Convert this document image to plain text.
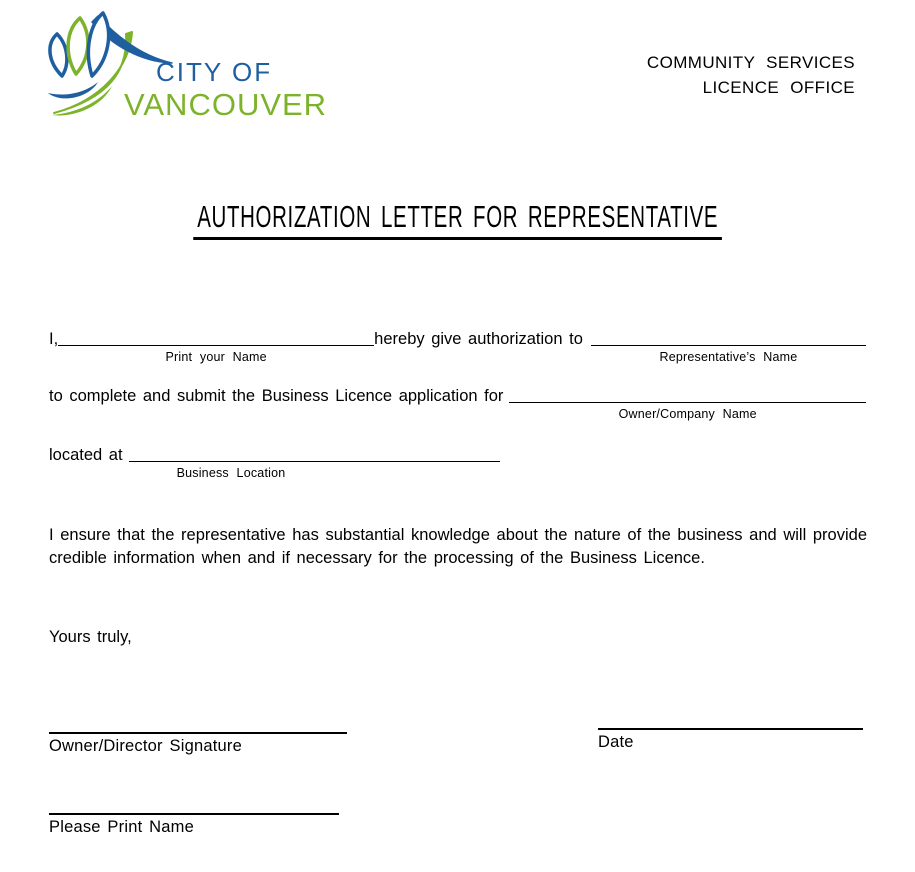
CITY OF
VANCOUVER
COMMUNITY SERVICES
LICENCE OFFICE
AUTHORIZATION LETTER FOR REPRESENTATIVE
I,
Print your Name
hereby give authorization to
Representative’s Name
to complete and submit the Business Licence application for
Owner/Company Name
located at
Business Location
I ensure that the representative has substantial knowledge about the nature of the business and will provide credible information when and if necessary for the processing of the Business Licence.
Yours truly,
Owner/Director Signature	Date
Please Print Name
